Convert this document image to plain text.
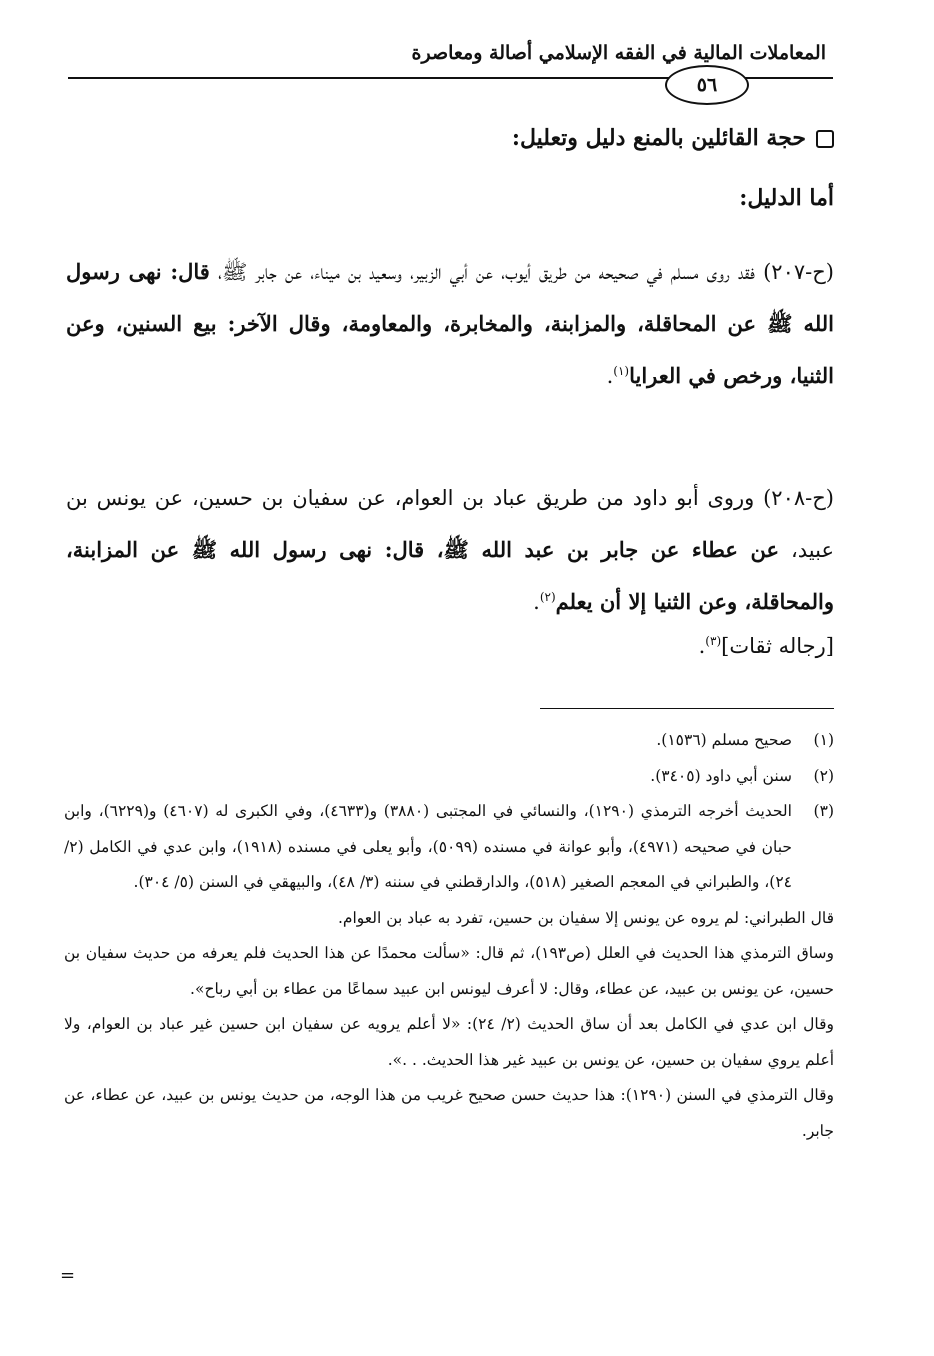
المعاملات المالية في الفقه الإسلامي أصالة ومعاصرة
٥٦
حجة القائلين بالمنع دليل وتعليل:
أما الدليل:
(ح-٢٠٧) فقد روى مسلم في صحيحه من طريق أيوب، عن أبي الزبير، وسعيد بن ميناء، عن جابر ﷺ، قال: نهى رسول الله ﷺ عن المحاقلة، والمزابنة، والمخابرة، والمعاومة، وقال الآخر: بيع السنين، وعن الثنيا، ورخص في العرايا$^{(١)}$.
(ح-٢٠٨) وروى أبو داود من طريق عباد بن العوام، عن سفيان بن حسين، عن يونس بن عبيد، عن عطاء عن جابر بن عبد الله ﷺ، قال: نهى رسول الله ﷺ عن المزابنة، والمحاقلة، وعن الثنيا إلا أن يعلم$^{(٢)}$.
[رجاله ثقات]$^{(٣)}$.
(١)
صحيح مسلم (١٥٣٦).
(٢)
سنن أبي داود (٣٤٠٥).
(٣)
الحديث أخرجه الترمذي (١٢٩٠)، والنسائي في المجتبى (٣٨٨٠) و(٤٦٣٣)، وفي الكبرى له (٤٦٠٧) و(٦٢٢٩)، وابن حبان في صحيحه (٤٩٧١)، وأبو عوانة في مسنده (٥٠٩٩)، وأبو يعلى في مسنده (١٩١٨)، وابن عدي في الكامل (٢/ ٢٤)، والطبراني في المعجم الصغير (٥١٨)، والدارقطني في سننه (٣/ ٤٨)، والبيهقي في السنن (٥/ ٣٠٤).
قال الطبراني: لم يروه عن يونس إلا سفيان بن حسين، تفرد به عباد بن العوام.
وساق الترمذي هذا الحديث في العلل (ص١٩٣)، ثم قال: «سألت محمدًا عن هذا الحديث فلم يعرفه من حديث سفيان بن حسين، عن يونس بن عبيد، عن عطاء، وقال: لا أعرف ليونس ابن عبيد سماعًا من عطاء بن أبي رباح».
وقال ابن عدي في الكامل بعد أن ساق الحديث (٢/ ٢٤): «لا أعلم يرويه عن سفيان ابن حسين غير عباد بن العوام، ولا أعلم يروي سفيان بن حسين، عن يونس بن عبيد غير هذا الحديث. . .».
وقال الترمذي في السنن (١٢٩٠): هذا حديث حسن صحيح غريب من هذا الوجه، من حديث يونس بن عبيد، عن عطاء، عن جابر.
=
